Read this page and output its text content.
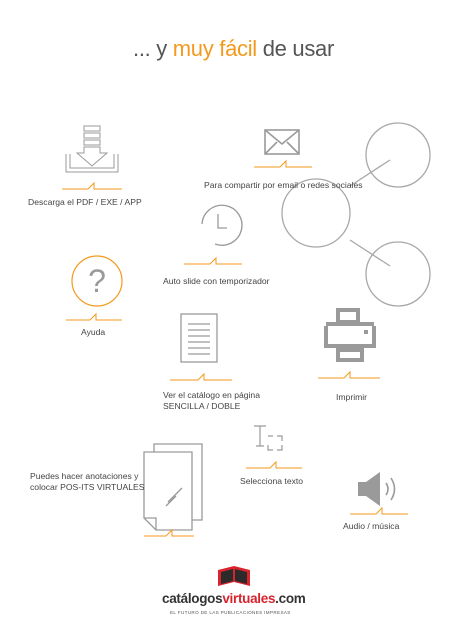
... y muy fácil de usar
Descarga el PDF / EXE / APP
Para compartir por email o redes sociales
Auto slide con temporizador
?
Ayuda
Ver el catálogo en página
SENCILLA / DOBLE
Imprimir
Selecciona texto
Puedes hacer anotaciones y
colocar POS-ITS VIRTUALES
Audio / música
catálogosvirtuales.com
EL FUTURO DE LAS PUBLICACIONES IMPRESAS
